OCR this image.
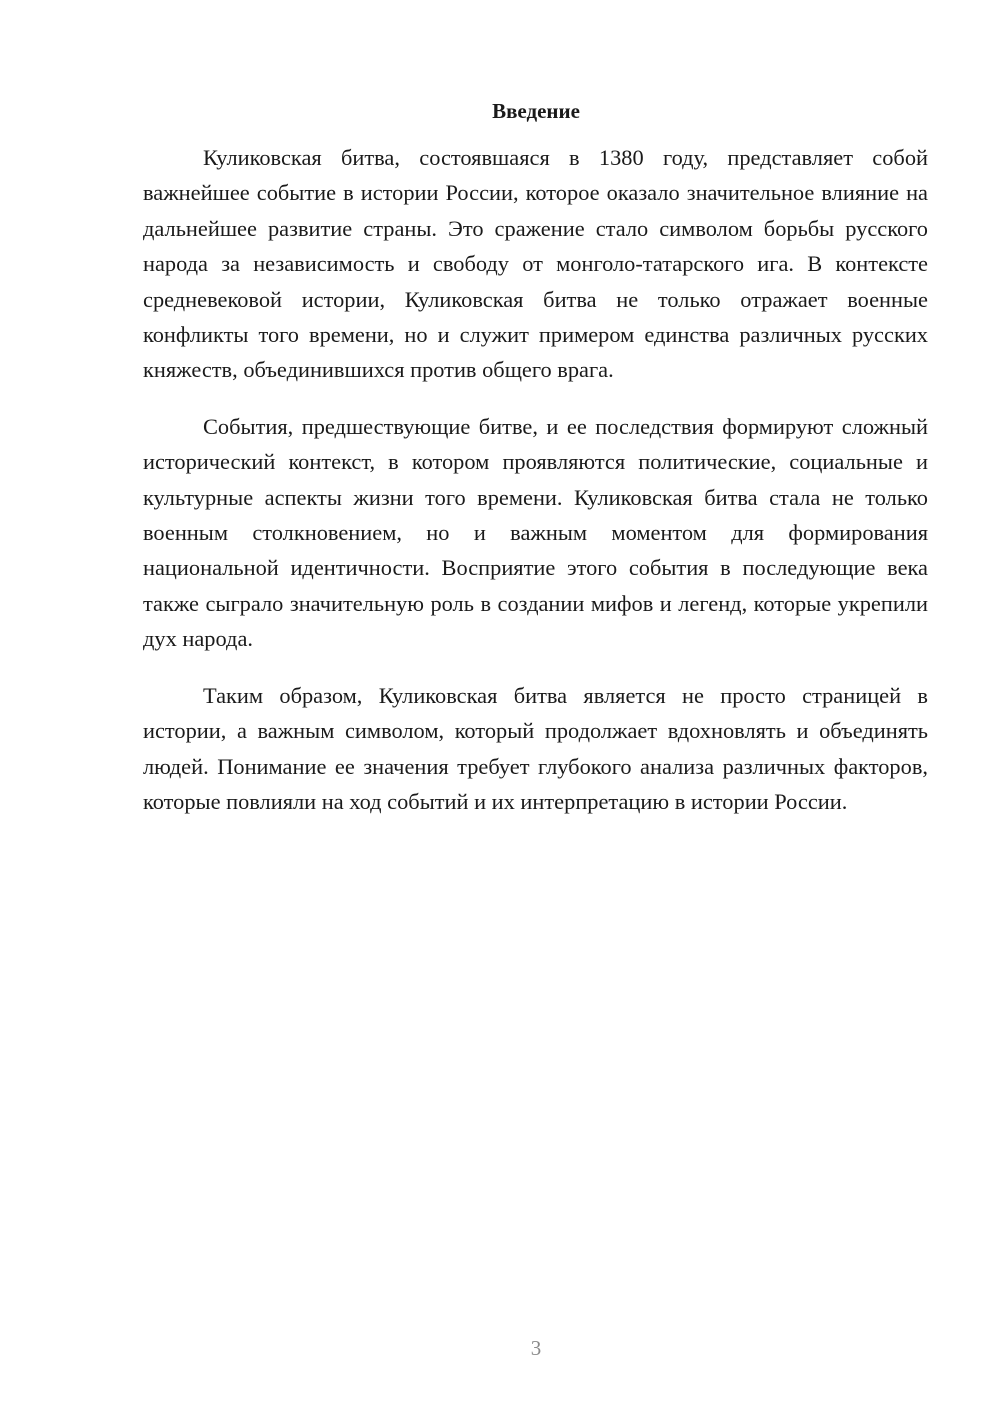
Введение

Куликовская битва, состоявшаяся в 1380 году, представляет собой важнейшее событие в истории России, которое оказало значительное влияние на дальнейшее развитие страны. Это сражение стало символом борьбы русского народа за независимость и свободу от монголо-татарского ига. В контексте средневековой истории, Куликовская битва не только отражает военные конфликты того времени, но и служит примером единства различных русских княжеств, объединившихся против общего врага.

События, предшествующие битве, и ее последствия формируют сложный исторический контекст, в котором проявляются политические, социальные и культурные аспекты жизни того времени. Куликовская битва стала не только военным столкновением, но и важным моментом для формирования национальной идентичности. Восприятие этого события в последующие века также сыграло значительную роль в создании мифов и легенд, которые укрепили дух народа.

Таким образом, Куликовская битва является не просто страницей в истории, а важным символом, который продолжает вдохновлять и объединять людей. Понимание ее значения требует глубокого анализа различных факторов, которые повлияли на ход событий и их интерпретацию в истории России.

3
